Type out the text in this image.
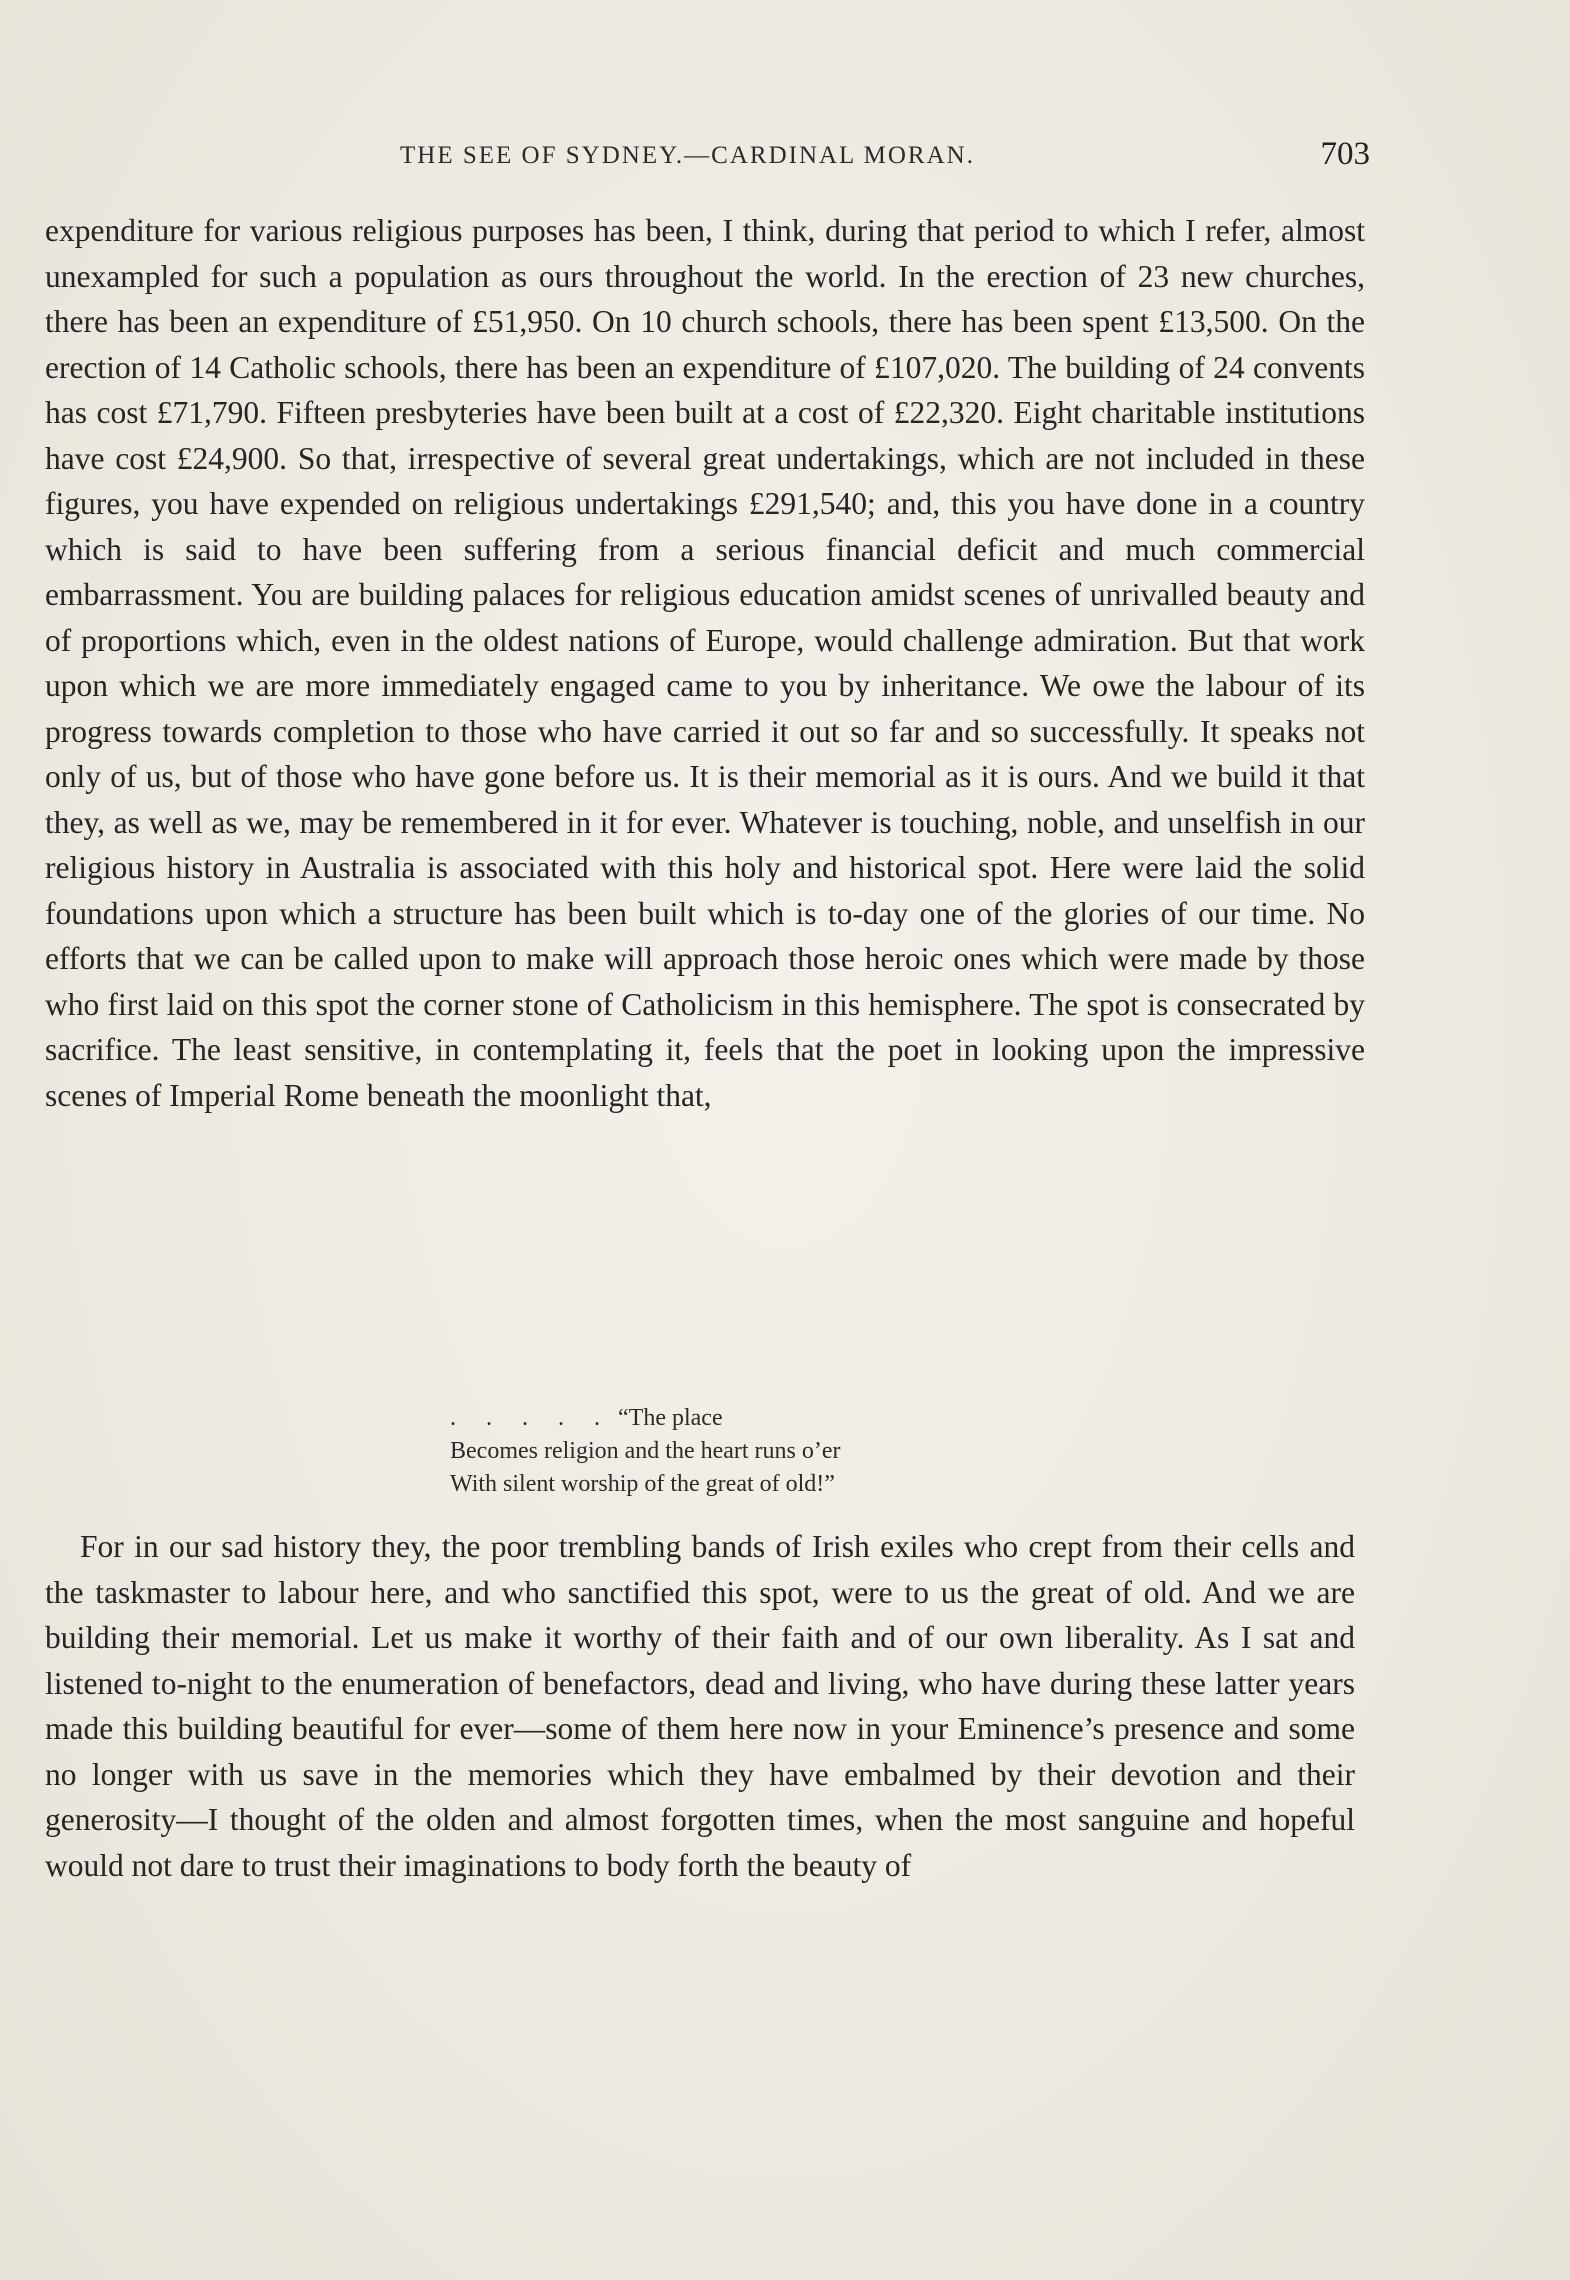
THE SEE OF SYDNEY.—CARDINAL MORAN.	703

expenditure for various religious purposes has been, I think, during that period to which I refer, almost unexampled for such a population as ours throughout the world. In the erection of 23 new churches, there has been an expenditure of £51,950. On 10 church schools, there has been spent £13,500. On the erection of 14 Catholic schools, there has been an expenditure of £107,020. The building of 24 convents has cost £71,790. Fifteen presbyteries have been built at a cost of £22,320. Eight charitable institutions have cost £24,900. So that, irrespective of several great undertakings, which are not included in these figures, you have expended on religious undertakings £291,540; and, this you have done in a country which is said to have been suffering from a serious financial deficit and much commercial embarrassment. You are building palaces for religious education amidst scenes of unrivalled beauty and of proportions which, even in the oldest nations of Europe, would challenge admiration. But that work upon which we are more immediately engaged came to you by inheritance. We owe the labour of its progress towards completion to those who have carried it out so far and so successfully. It speaks not only of us, but of those who have gone before us. It is their memorial as it is ours. And we build it that they, as well as we, may be remembered in it for ever. Whatever is touching, noble, and unselfish in our religious history in Australia is associated with this holy and historical spot. Here were laid the solid foundations upon which a structure has been built which is to-day one of the glories of our time. No efforts that we can be called upon to make will approach those heroic ones which were made by those who first laid on this spot the corner stone of Catholicism in this hemisphere. The spot is consecrated by sacrifice. The least sensitive, in contemplating it, feels that the poet in looking upon the impressive scenes of Imperial Rome beneath the moonlight that,

. . . . . “The place
Becomes religion and the heart runs o’er
With silent worship of the great of old!”

For in our sad history they, the poor trembling bands of Irish exiles who crept from their cells and the taskmaster to labour here, and who sanctified this spot, were to us the great of old. And we are building their memorial. Let us make it worthy of their faith and of our own liberality. As I sat and listened to-night to the enumeration of benefactors, dead and living, who have during these latter years made this building beautiful for ever—some of them here now in your Eminence’s presence and some no longer with us save in the memories which they have embalmed by their devotion and their generosity—I thought of the olden and almost forgotten times, when the most sanguine and hopeful would not dare to trust their imaginations to body forth the beauty of
